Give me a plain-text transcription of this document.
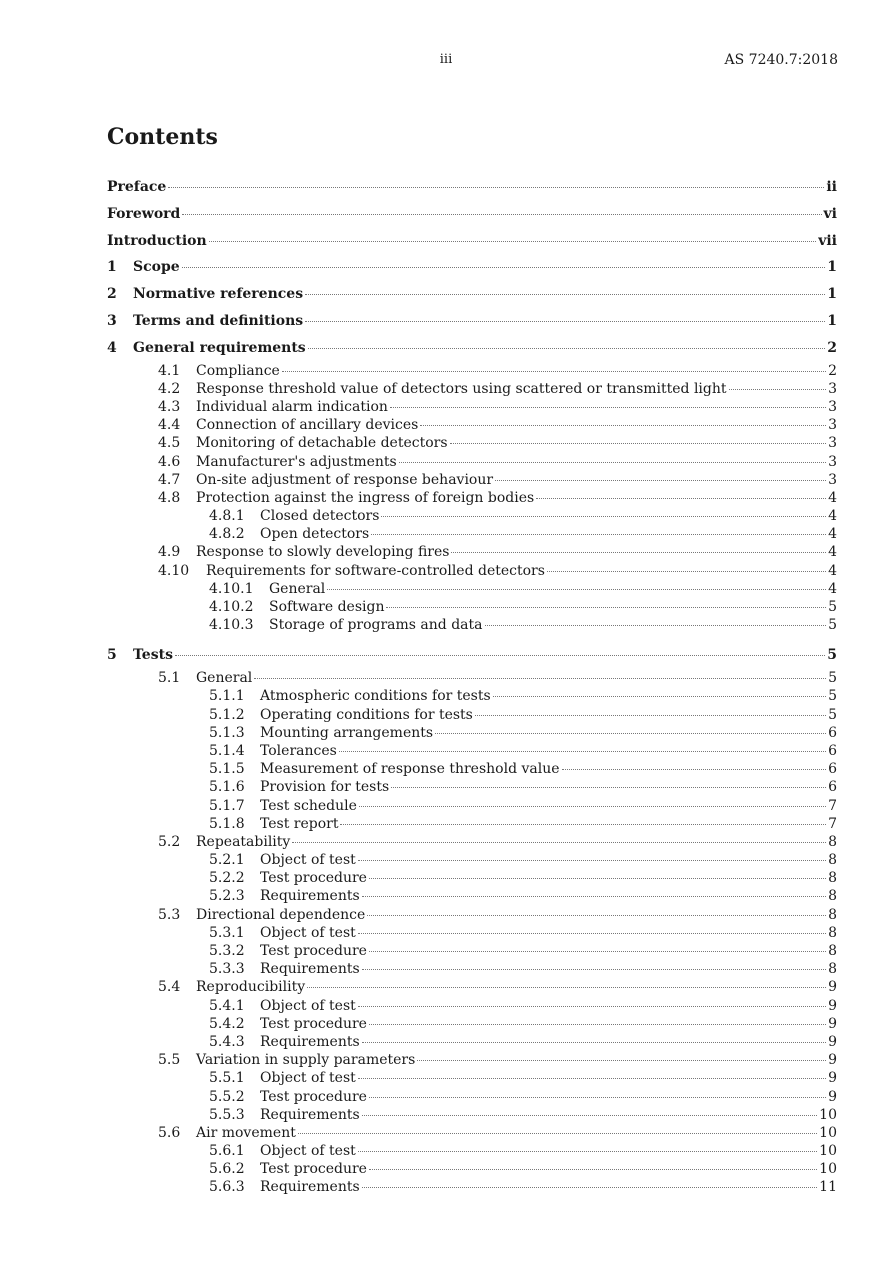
iii	AS 7240.7:2018
Contents
Preface	ii
Foreword	vi
Introduction	vii
1	Scope	1
2	Normative references	1
3	Terms and definitions	1
4	General requirements	2
4.1	Compliance	2
4.2	Response threshold value of detectors using scattered or transmitted light	3
4.3	Individual alarm indication	3
4.4	Connection of ancillary devices	3
4.5	Monitoring of detachable detectors	3
4.6	Manufacturer's adjustments	3
4.7	On-site adjustment of response behaviour	3
4.8	Protection against the ingress of foreign bodies	4
4.8.1	Closed detectors	4
4.8.2	Open detectors	4
4.9	Response to slowly developing fires	4
4.10	Requirements for software-controlled detectors	4
4.10.1	General	4
4.10.2	Software design	5
4.10.3	Storage of programs and data	5
5	Tests	5
5.1	General	5
5.1.1	Atmospheric conditions for tests	5
5.1.2	Operating conditions for tests	5
5.1.3	Mounting arrangements	6
5.1.4	Tolerances	6
5.1.5	Measurement of response threshold value	6
5.1.6	Provision for tests	6
5.1.7	Test schedule	7
5.1.8	Test report	7
5.2	Repeatability	8
5.2.1	Object of test	8
5.2.2	Test procedure	8
5.2.3	Requirements	8
5.3	Directional dependence	8
5.3.1	Object of test	8
5.3.2	Test procedure	8
5.3.3	Requirements	8
5.4	Reproducibility	9
5.4.1	Object of test	9
5.4.2	Test procedure	9
5.4.3	Requirements	9
5.5	Variation in supply parameters	9
5.5.1	Object of test	9
5.5.2	Test procedure	9
5.5.3	Requirements	10
5.6	Air movement	10
5.6.1	Object of test	10
5.6.2	Test procedure	10
5.6.3	Requirements	11
